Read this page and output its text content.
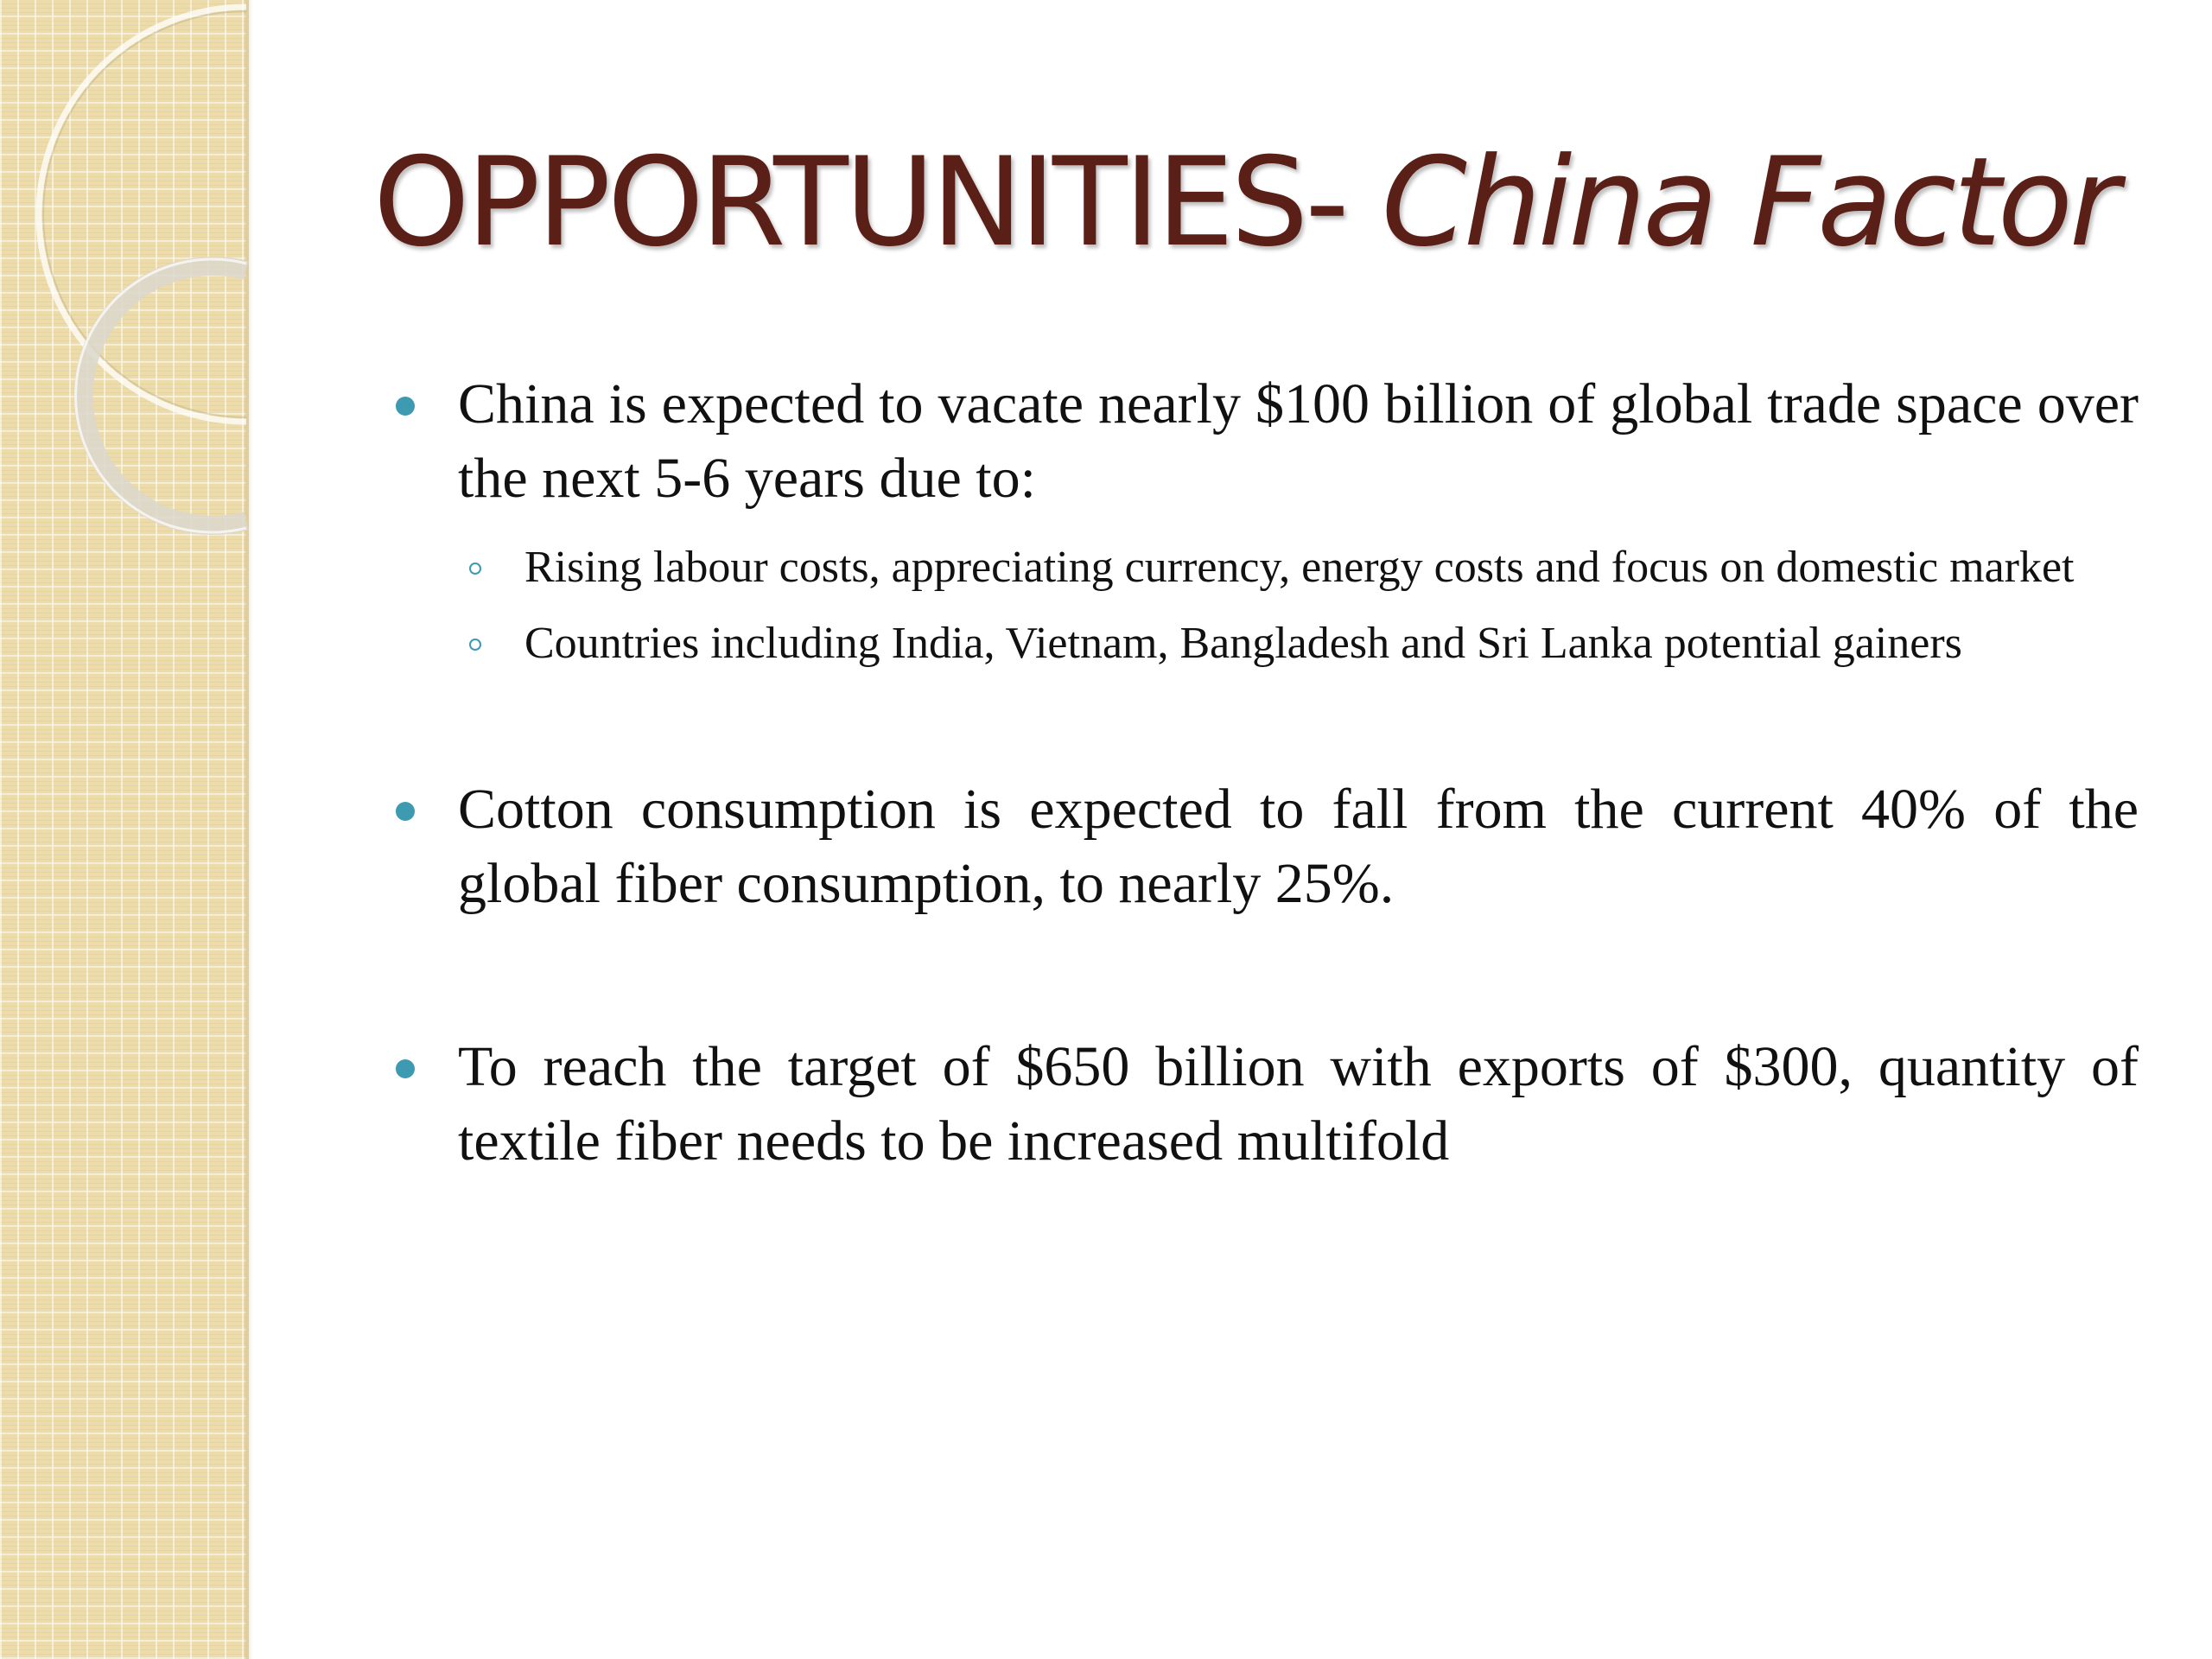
OPPORTUNITIES- China Factor
China is expected to vacate nearly $100 billion of global trade space over the next 5-6 years due to:
Rising labour costs, appreciating currency, energy costs and focus on domestic market
Countries including India, Vietnam, Bangladesh and Sri Lanka potential gainers
Cotton consumption is expected to fall from the current 40% of the global fiber consumption, to nearly 25%.
To reach the target of $650 billion with exports of $300, quantity of textile fiber needs to be increased multifold
